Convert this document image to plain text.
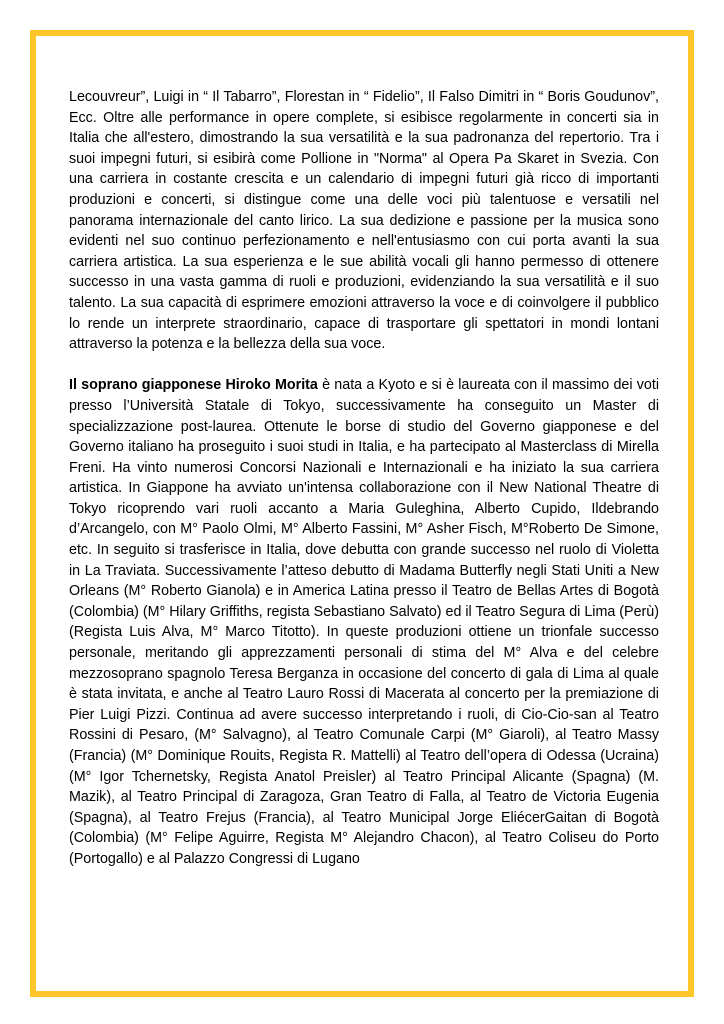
Lecouvreur”, Luigi in “ Il Tabarro”, Florestan in “ Fidelio”, Il Falso Dimitri in “ Boris Goudunov”, Ecc. Oltre alle performance in opere complete, si esibisce regolarmente in concerti sia in Italia che all'estero, dimostrando la sua versatilità e la sua padronanza del repertorio. Tra i suoi impegni futuri, si esibirà come Pollione in "Norma" al Opera Pa Skaret in Svezia. Con una carriera in costante crescita e un calendario di impegni futuri già ricco di importanti produzioni e concerti, si distingue come una delle voci più talentuose e versatili nel panorama internazionale del canto lirico. La sua dedizione e passione per la musica sono evidenti nel suo continuo perfezionamento e nell'entusiasmo con cui porta avanti la sua carriera artistica. La sua esperienza e le sue abilità vocali gli hanno permesso di ottenere successo in una vasta gamma di ruoli e produzioni, evidenziando la sua versatilità e il suo talento. La sua capacità di esprimere emozioni attraverso la voce e di coinvolgere il pubblico lo rende un interprete straordinario, capace di trasportare gli spettatori in mondi lontani attraverso la potenza e la bellezza della sua voce.

Il soprano giapponese Hiroko Morita è nata a Kyoto e si è laureata con il massimo dei voti presso l’Università Statale di Tokyo, successivamente ha conseguito un Master di specializzazione post-laurea. Ottenute le borse di studio del Governo giapponese e del Governo italiano ha proseguito i suoi studi in Italia, e ha partecipato al Masterclass di Mirella Freni. Ha vinto numerosi Concorsi Nazionali e Internazionali e ha iniziato la sua carriera artistica. In Giappone ha avviato un'intensa collaborazione con il New National Theatre di Tokyo ricoprendo vari ruoli accanto a Maria Guleghina, Alberto Cupido, Ildebrando d’Arcangelo, con M° Paolo Olmi, M° Alberto Fassini, M° Asher Fisch, M°Roberto De Simone, etc. In seguito si trasferisce in Italia, dove debutta con grande successo nel ruolo di Violetta in La Traviata. Successivamente l’atteso debutto di Madama Butterfly negli Stati Uniti a New Orleans (M° Roberto Gianola) e in America Latina presso il Teatro de Bellas Artes di Bogotà (Colombia) (M° Hilary Griffiths, regista Sebastiano Salvato) ed il Teatro Segura di Lima (Perù) (Regista Luis Alva, M° Marco Titotto). In queste produzioni ottiene un trionfale successo personale, meritando gli apprezzamenti personali di stima del M° Alva e del celebre mezzosoprano spagnolo Teresa Berganza in occasione del concerto di gala di Lima al quale è stata invitata, e anche al Teatro Lauro Rossi di Macerata al concerto per la premiazione di Pier Luigi Pizzi. Continua ad avere successo interpretando i ruoli, di Cio-Cio-san al Teatro Rossini di Pesaro, (M° Salvagno), al Teatro Comunale Carpi (M° Giaroli), al Teatro Massy (Francia) (M° Dominique Rouits, Regista R. Mattelli) al Teatro dell’opera di Odessa (Ucraina) (M° Igor Tchernetsky, Regista Anatol Preisler) al Teatro Principal Alicante (Spagna) (M. Mazik), al Teatro Principal di Zaragoza, Gran Teatro di Falla, al Teatro de Victoria Eugenia (Spagna), al Teatro Frejus (Francia), al Teatro Municipal Jorge EliécerGaitan di Bogotà (Colombia) (M° Felipe Aguirre, Regista M° Alejandro Chacon), al Teatro Coliseu do Porto (Portogallo) e al Palazzo Congressi di Lugano
